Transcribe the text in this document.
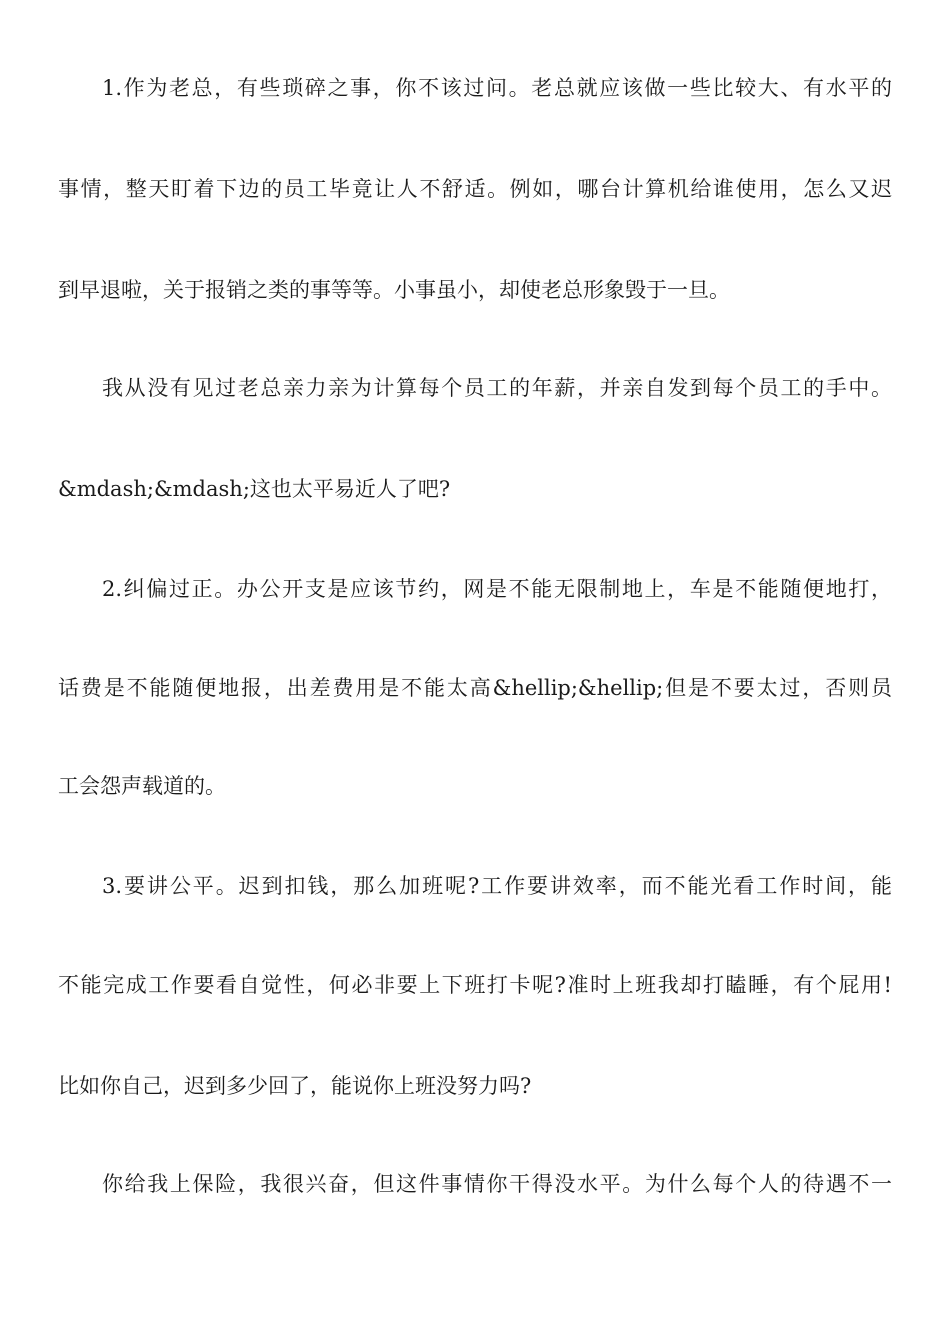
1.作为老总，有些琐碎之事，你不该过问。老总就应该做一些比较大、有水平的
事情，整天盯着下边的员工毕竟让人不舒适。例如，哪台计算机给谁使用，怎么又迟
到早退啦，关于报销之类的事等等。小事虽小，却使老总形象毁于一旦。
我从没有见过老总亲力亲为计算每个员工的年薪，并亲自发到每个员工的手中。
&mdash;&mdash;这也太平易近人了吧?
2.纠偏过正。办公开支是应该节约，网是不能无限制地上，车是不能随便地打，
话费是不能随便地报，出差费用是不能太高&hellip;&hellip;但是不要太过，否则员
工会怨声载道的。
3.要讲公平。迟到扣钱，那么加班呢?工作要讲效率，而不能光看工作时间，能
不能完成工作要看自觉性，何必非要上下班打卡呢?准时上班我却打瞌睡，有个屁用!
比如你自己，迟到多少回了，能说你上班没努力吗?
你给我上保险，我很兴奋，但这件事情你干得没水平。为什么每个人的待遇不一
